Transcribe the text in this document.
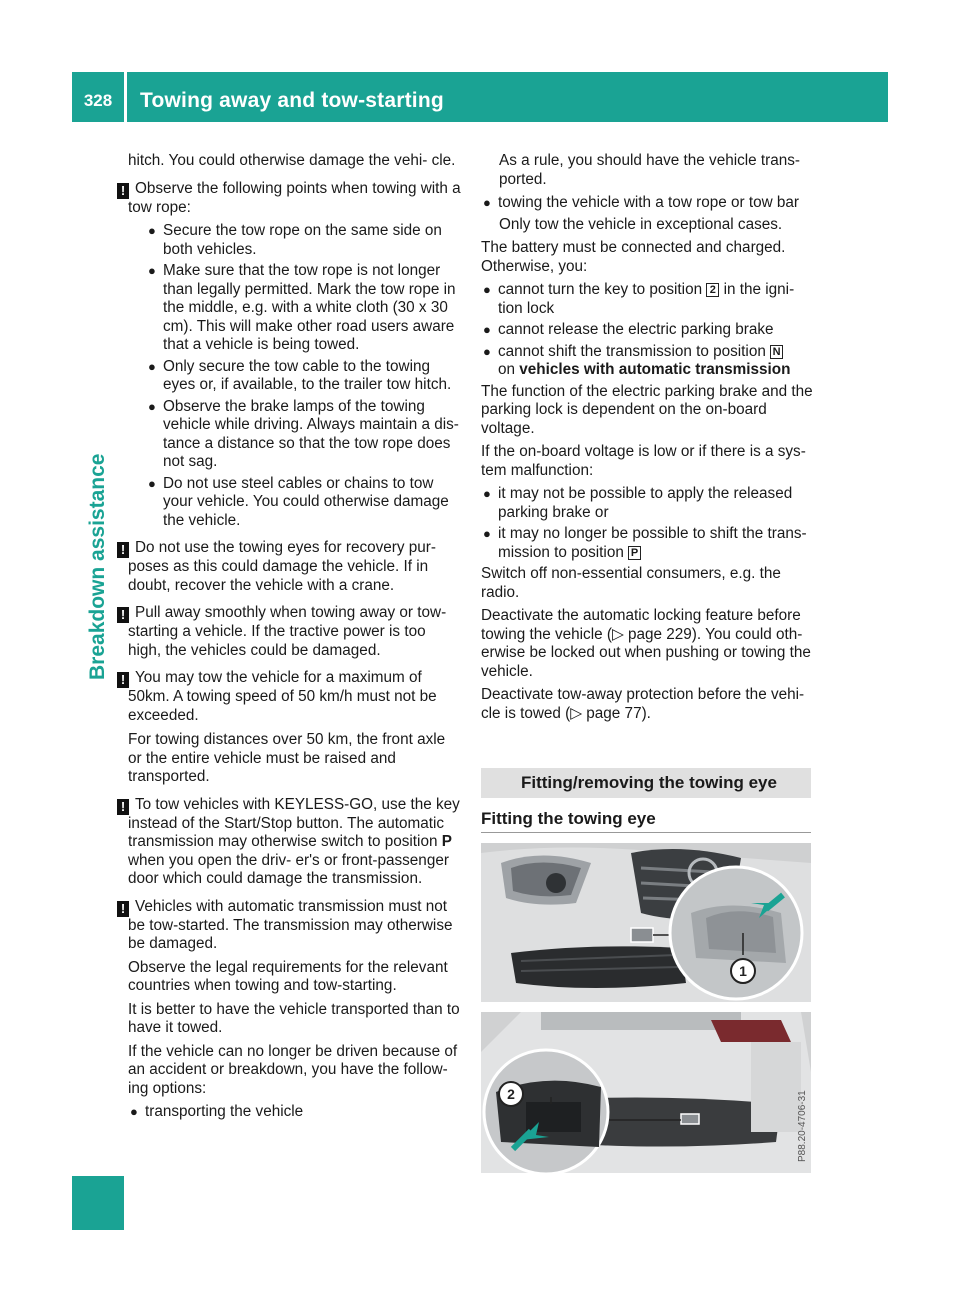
328	Towing away and tow-starting
Breakdown assistance
hitch. You could otherwise damage the vehi- cle.
! Observe the following points when towing with a tow rope:
● Secure the tow rope on the same side on both vehicles.
● Make sure that the tow rope is not longer than legally permitted. Mark the tow rope in the middle, e.g. with a white cloth (30 x 30 cm). This will make other road users aware that a vehicle is being towed.
● Only secure the tow cable to the towing eyes or, if available, to the trailer tow hitch.
● Observe the brake lamps of the towing vehicle while driving. Always maintain a dis- tance a distance so that the tow rope does not sag.
● Do not use steel cables or chains to tow your vehicle. You could otherwise damage the vehicle.
! Do not use the towing eyes for recovery pur- poses as this could damage the vehicle. If in doubt, recover the vehicle with a crane.
! Pull away smoothly when towing away or tow-starting a vehicle. If the tractive power is too high, the vehicles could be damaged.
! You may tow the vehicle for a maximum of 50km. A towing speed of 50 km/h must not be exceeded.
For towing distances over 50 km, the front axle or the entire vehicle must be raised and transported.
! To tow vehicles with KEYLESS-GO, use the key instead of the Start/Stop button. The automatic transmission may otherwise switch to position P when you open the driv- er's or front-passenger door which could damage the transmission.
! Vehicles with automatic transmission must not be tow-started. The transmission may otherwise be damaged.
Observe the legal requirements for the relevant countries when towing and tow-starting.
It is better to have the vehicle transported than to have it towed.
If the vehicle can no longer be driven because of an accident or breakdown, you have the follow- ing options:
● transporting the vehicle
As a rule, you should have the vehicle trans- ported.
● towing the vehicle with a tow rope or tow bar
Only tow the vehicle in exceptional cases.
The battery must be connected and charged. Otherwise, you:
● cannot turn the key to position 2 in the igni- tion lock
● cannot release the electric parking brake
● cannot shift the transmission to position N
on vehicles with automatic transmission
The function of the electric parking brake and the parking lock is dependent on the on-board voltage.
If the on-board voltage is low or if there is a sys- tem malfunction:
● it may not be possible to apply the released parking brake or
● it may no longer be possible to shift the trans- mission to position P
Switch off non-essential consumers, e.g. the radio.
Deactivate the automatic locking feature before towing the vehicle (▷ page 229). You could oth- erwise be locked out when pushing or towing the vehicle.
Deactivate tow-away protection before the vehi- cle is towed (▷ page 77).
Fitting/removing the towing eye
Fitting the towing eye
1
2	P88.20-4706-31
